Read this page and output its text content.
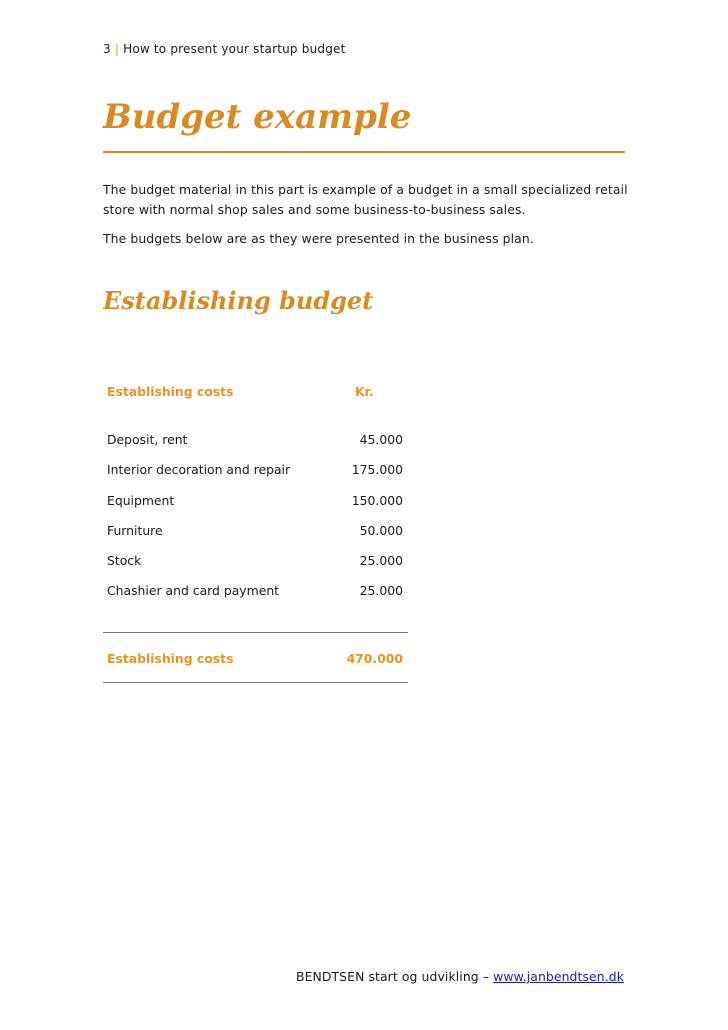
3 | How to present your startup budget
Budget example

The budget material in this part is example of a budget in a small specialized retail store with normal shop sales and some business-to-business sales.

The budgets below are as they were presented in the business plan.

Establishing budget
Establishing costs	Kr.
Deposit, rent	45.000
Interior decoration and repair	175.000
Equipment	150.000
Furniture	50.000
Stock	25.000
Chashier and card payment	25.000
Establishing costs	470.000
BENDTSEN start og udvikling – www.janbendtsen.dk
